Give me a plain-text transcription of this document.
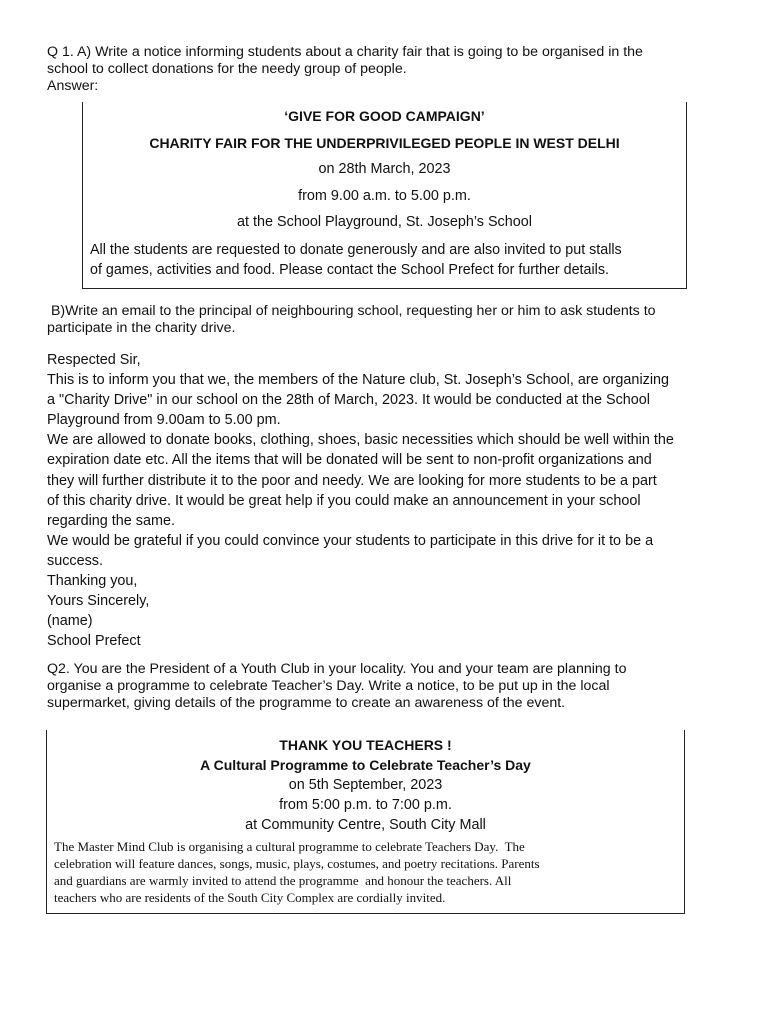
Q 1. A) Write a notice informing students about a charity fair that is going to be organised in the
school to collect donations for the needy group of people.
Answer:
‘GIVE FOR GOOD CAMPAIGN’
CHARITY FAIR FOR THE UNDERPRIVILEGED PEOPLE IN WEST DELHI
on 28th March, 2023
from 9.00 a.m. to 5.00 p.m.
at the School Playground, St. Joseph’s School
All the students are requested to donate generously and are also invited to put stalls
of games, activities and food. Please contact the School Prefect for further details.
B)Write an email to the principal of neighbouring school, requesting her or him to ask students to
participate in the charity drive.
Respected Sir,
This is to inform you that we, the members of the Nature club, St. Joseph’s School, are organizing
a "Charity Drive" in our school on the 28th of March, 2023. It would be conducted at the School
Playground from 9.00am to 5.00 pm.
We are allowed to donate books, clothing, shoes, basic necessities which should be well within the
expiration date etc. All the items that will be donated will be sent to non-profit organizations and
they will further distribute it to the poor and needy. We are looking for more students to be a part
of this charity drive. It would be great help if you could make an announcement in your school
regarding the same.
We would be grateful if you could convince your students to participate in this drive for it to be a
success.
Thanking you,
Yours Sincerely,
(name)
School Prefect
Q2. You are the President of a Youth Club in your locality. You and your team are planning to
organise a programme to celebrate Teacher’s Day. Write a notice, to be put up in the local
supermarket, giving details of the programme to create an awareness of the event.
THANK YOU TEACHERS !
A Cultural Programme to Celebrate Teacher’s Day
on 5th September, 2023
from 5:00 p.m. to 7:00 p.m.
at Community Centre, South City Mall
The Master Mind Club is organising a cultural programme to celebrate Teachers Day.  The
celebration will feature dances, songs, music, plays, costumes, and poetry recitations. Parents
and guardians are warmly invited to attend the programme  and honour the teachers. All
teachers who are residents of the South City Complex are cordially invited.
